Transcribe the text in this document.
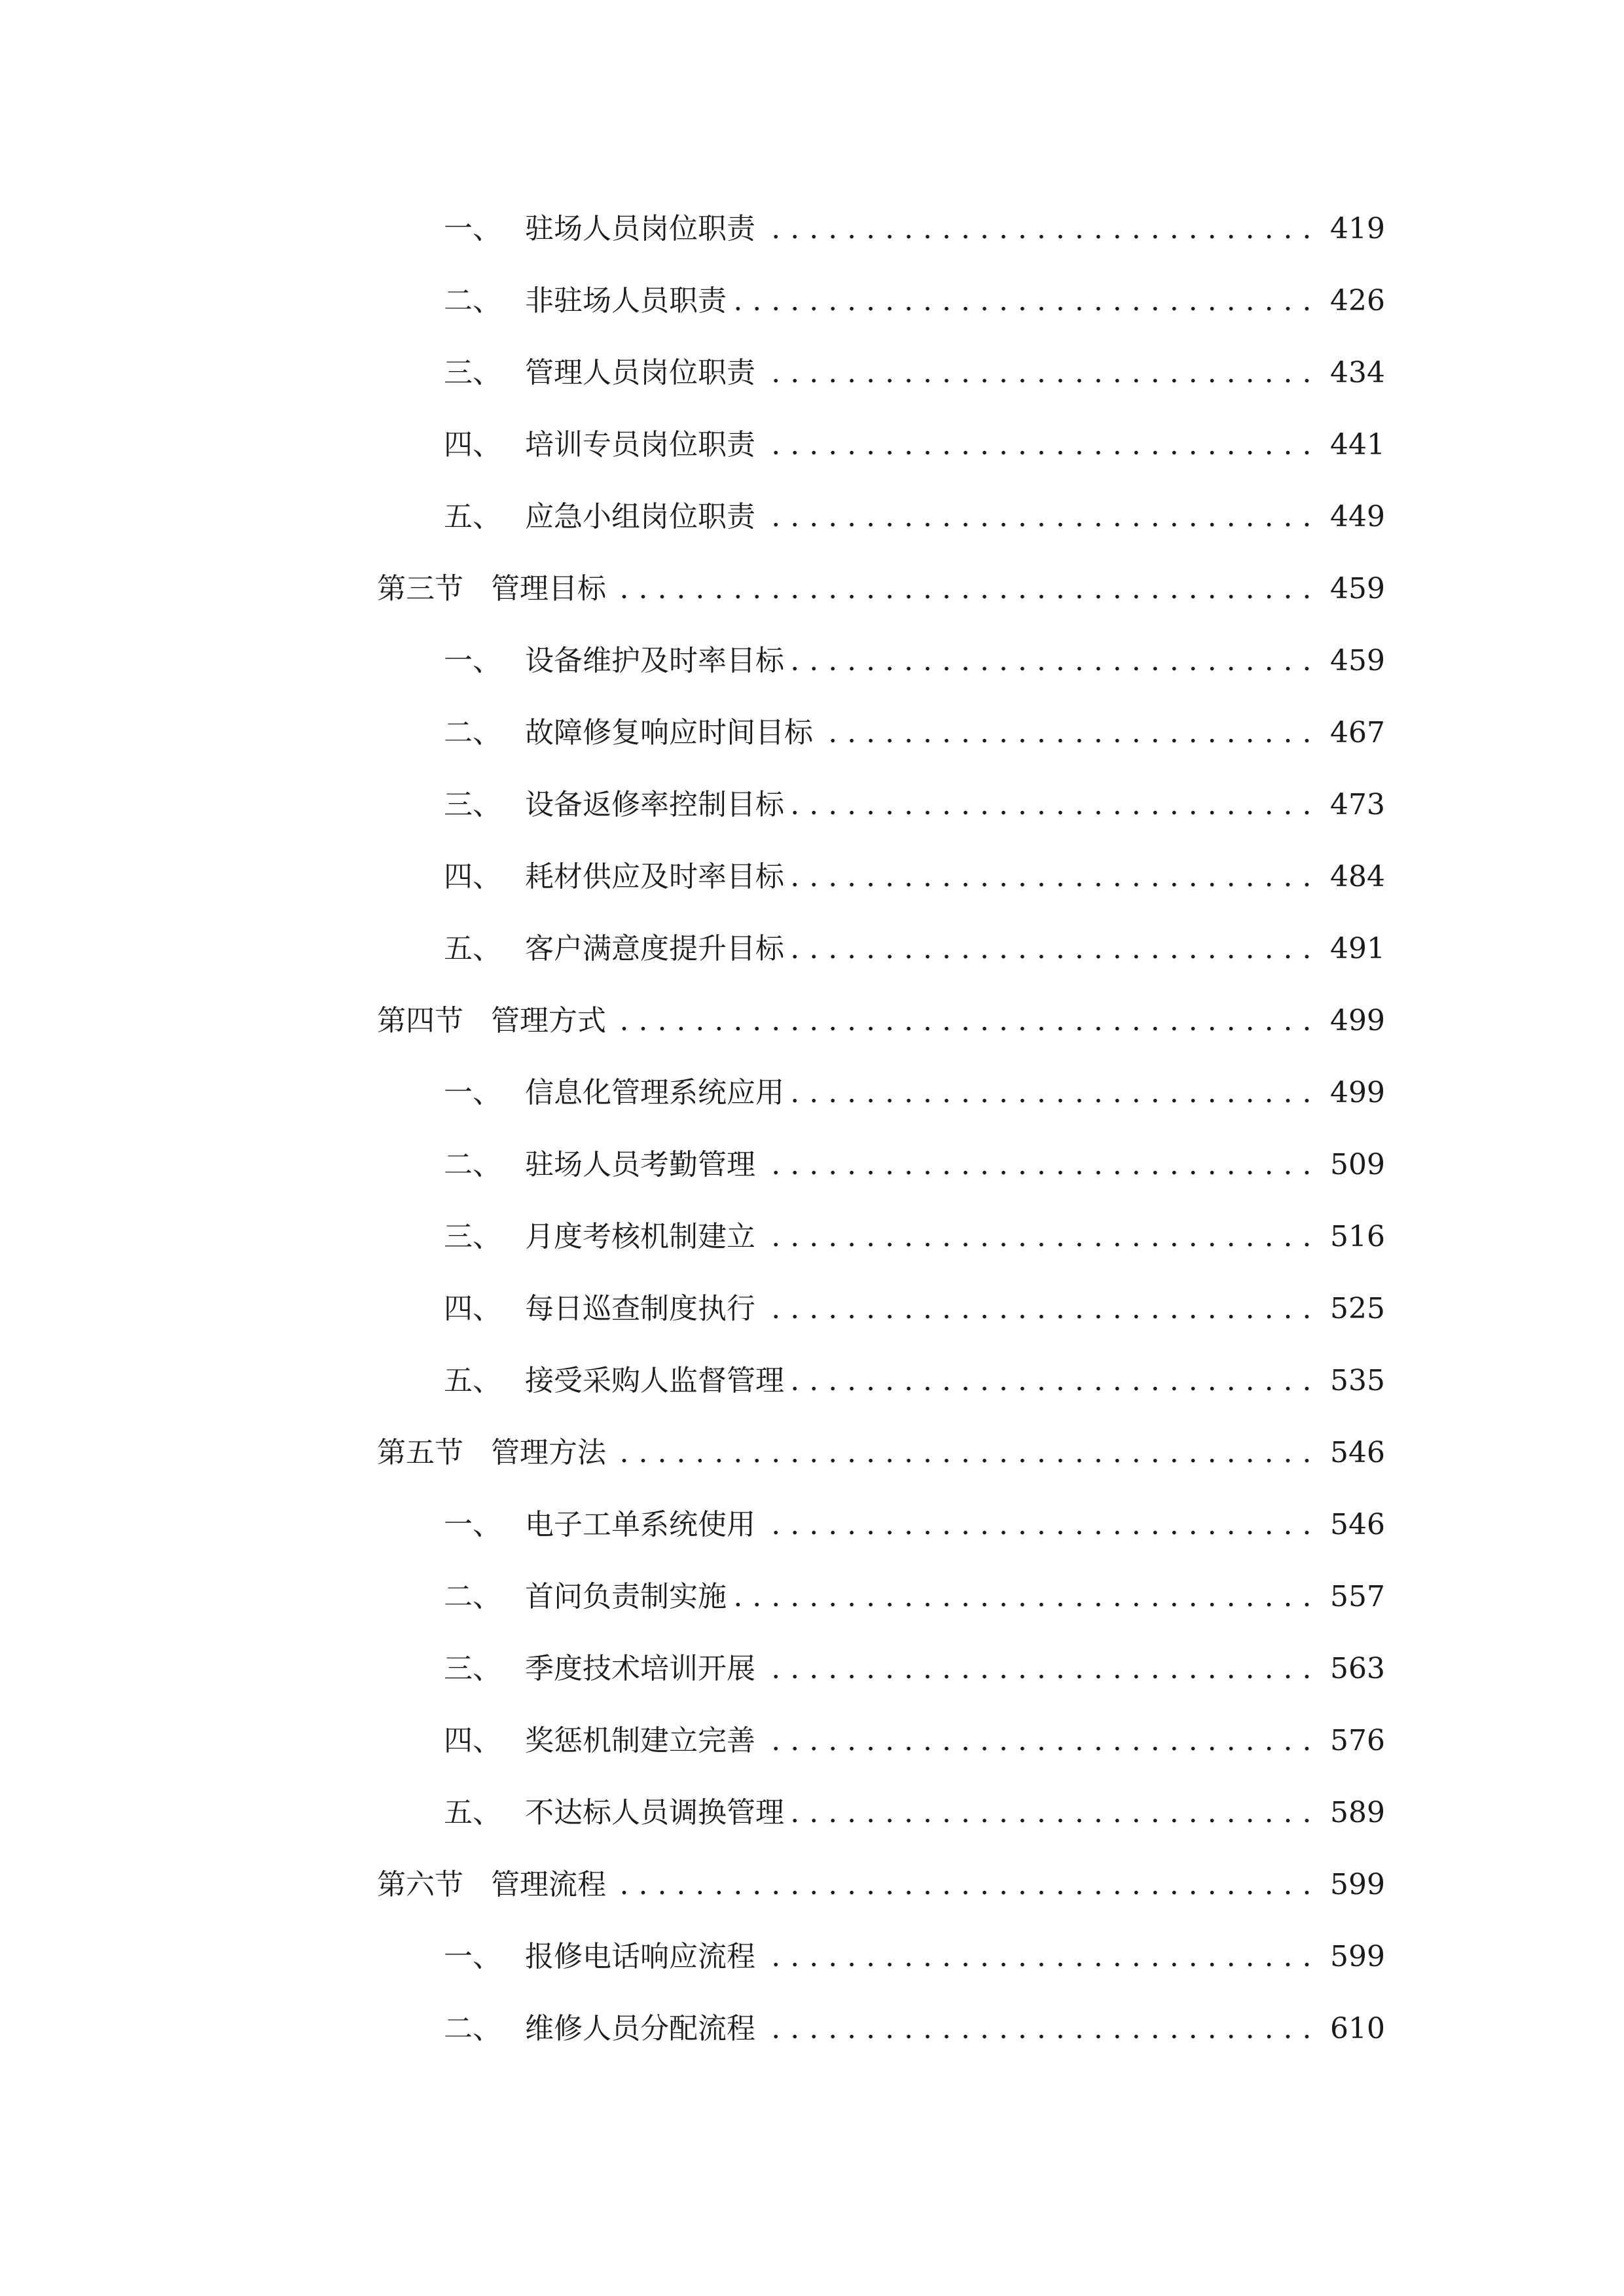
一、 驻场人员岗位职责 . . .	419
二、 非驻场人员职责 . . .	426
三、 管理人员岗位职责 . . .	434
四、 培训专员岗位职责 . . .	441
五、 应急小组岗位职责 . . .	449
第三节 管理目标 . . .	459
一、 设备维护及时率目标 . . .	459
二、 故障修复响应时间目标 . . .	467
三、 设备返修率控制目标 . . .	473
四、 耗材供应及时率目标 . . .	484
五、 客户满意度提升目标 . . .	491
第四节 管理方式 . . .	499
一、 信息化管理系统应用 . . .	499
二、 驻场人员考勤管理 . . .	509
三、 月度考核机制建立 . . .	516
四、 每日巡查制度执行 . . .	525
五、 接受采购人监督管理 . . .	535
第五节 管理方法 . . .	546
一、 电子工单系统使用 . . .	546
二、 首问负责制实施 . . .	557
三、 季度技术培训开展 . . .	563
四、 奖惩机制建立完善 . . .	576
五、 不达标人员调换管理 . . .	589
第六节 管理流程 . . .	599
一、 报修电话响应流程 . . .	599
二、 维修人员分配流程 . . .	610
